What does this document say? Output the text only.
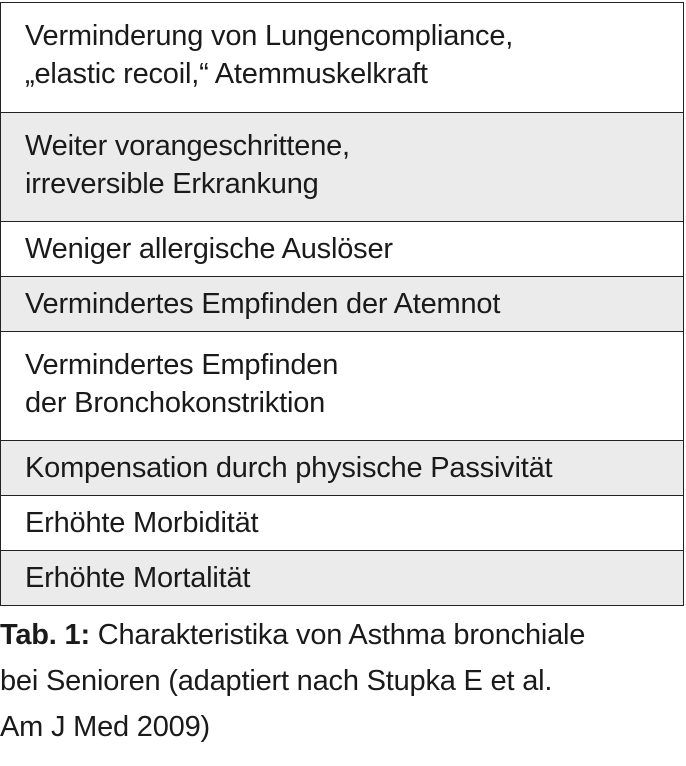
Verminderung von Lungencompliance,
„elastic recoil,“ Atemmuskelkraft
Weiter vorangeschrittene,
irreversible Erkrankung
Weniger allergische Auslöser
Vermindertes Empfinden der Atemnot
Vermindertes Empfinden
der Bronchokonstriktion
Kompensation durch physische Passivität
Erhöhte Morbidität
Erhöhte Mortalität
Tab. 1: Charakteristika von Asthma bronchiale
bei Senioren (adaptiert nach Stupka E et al.
Am J Med 2009)
